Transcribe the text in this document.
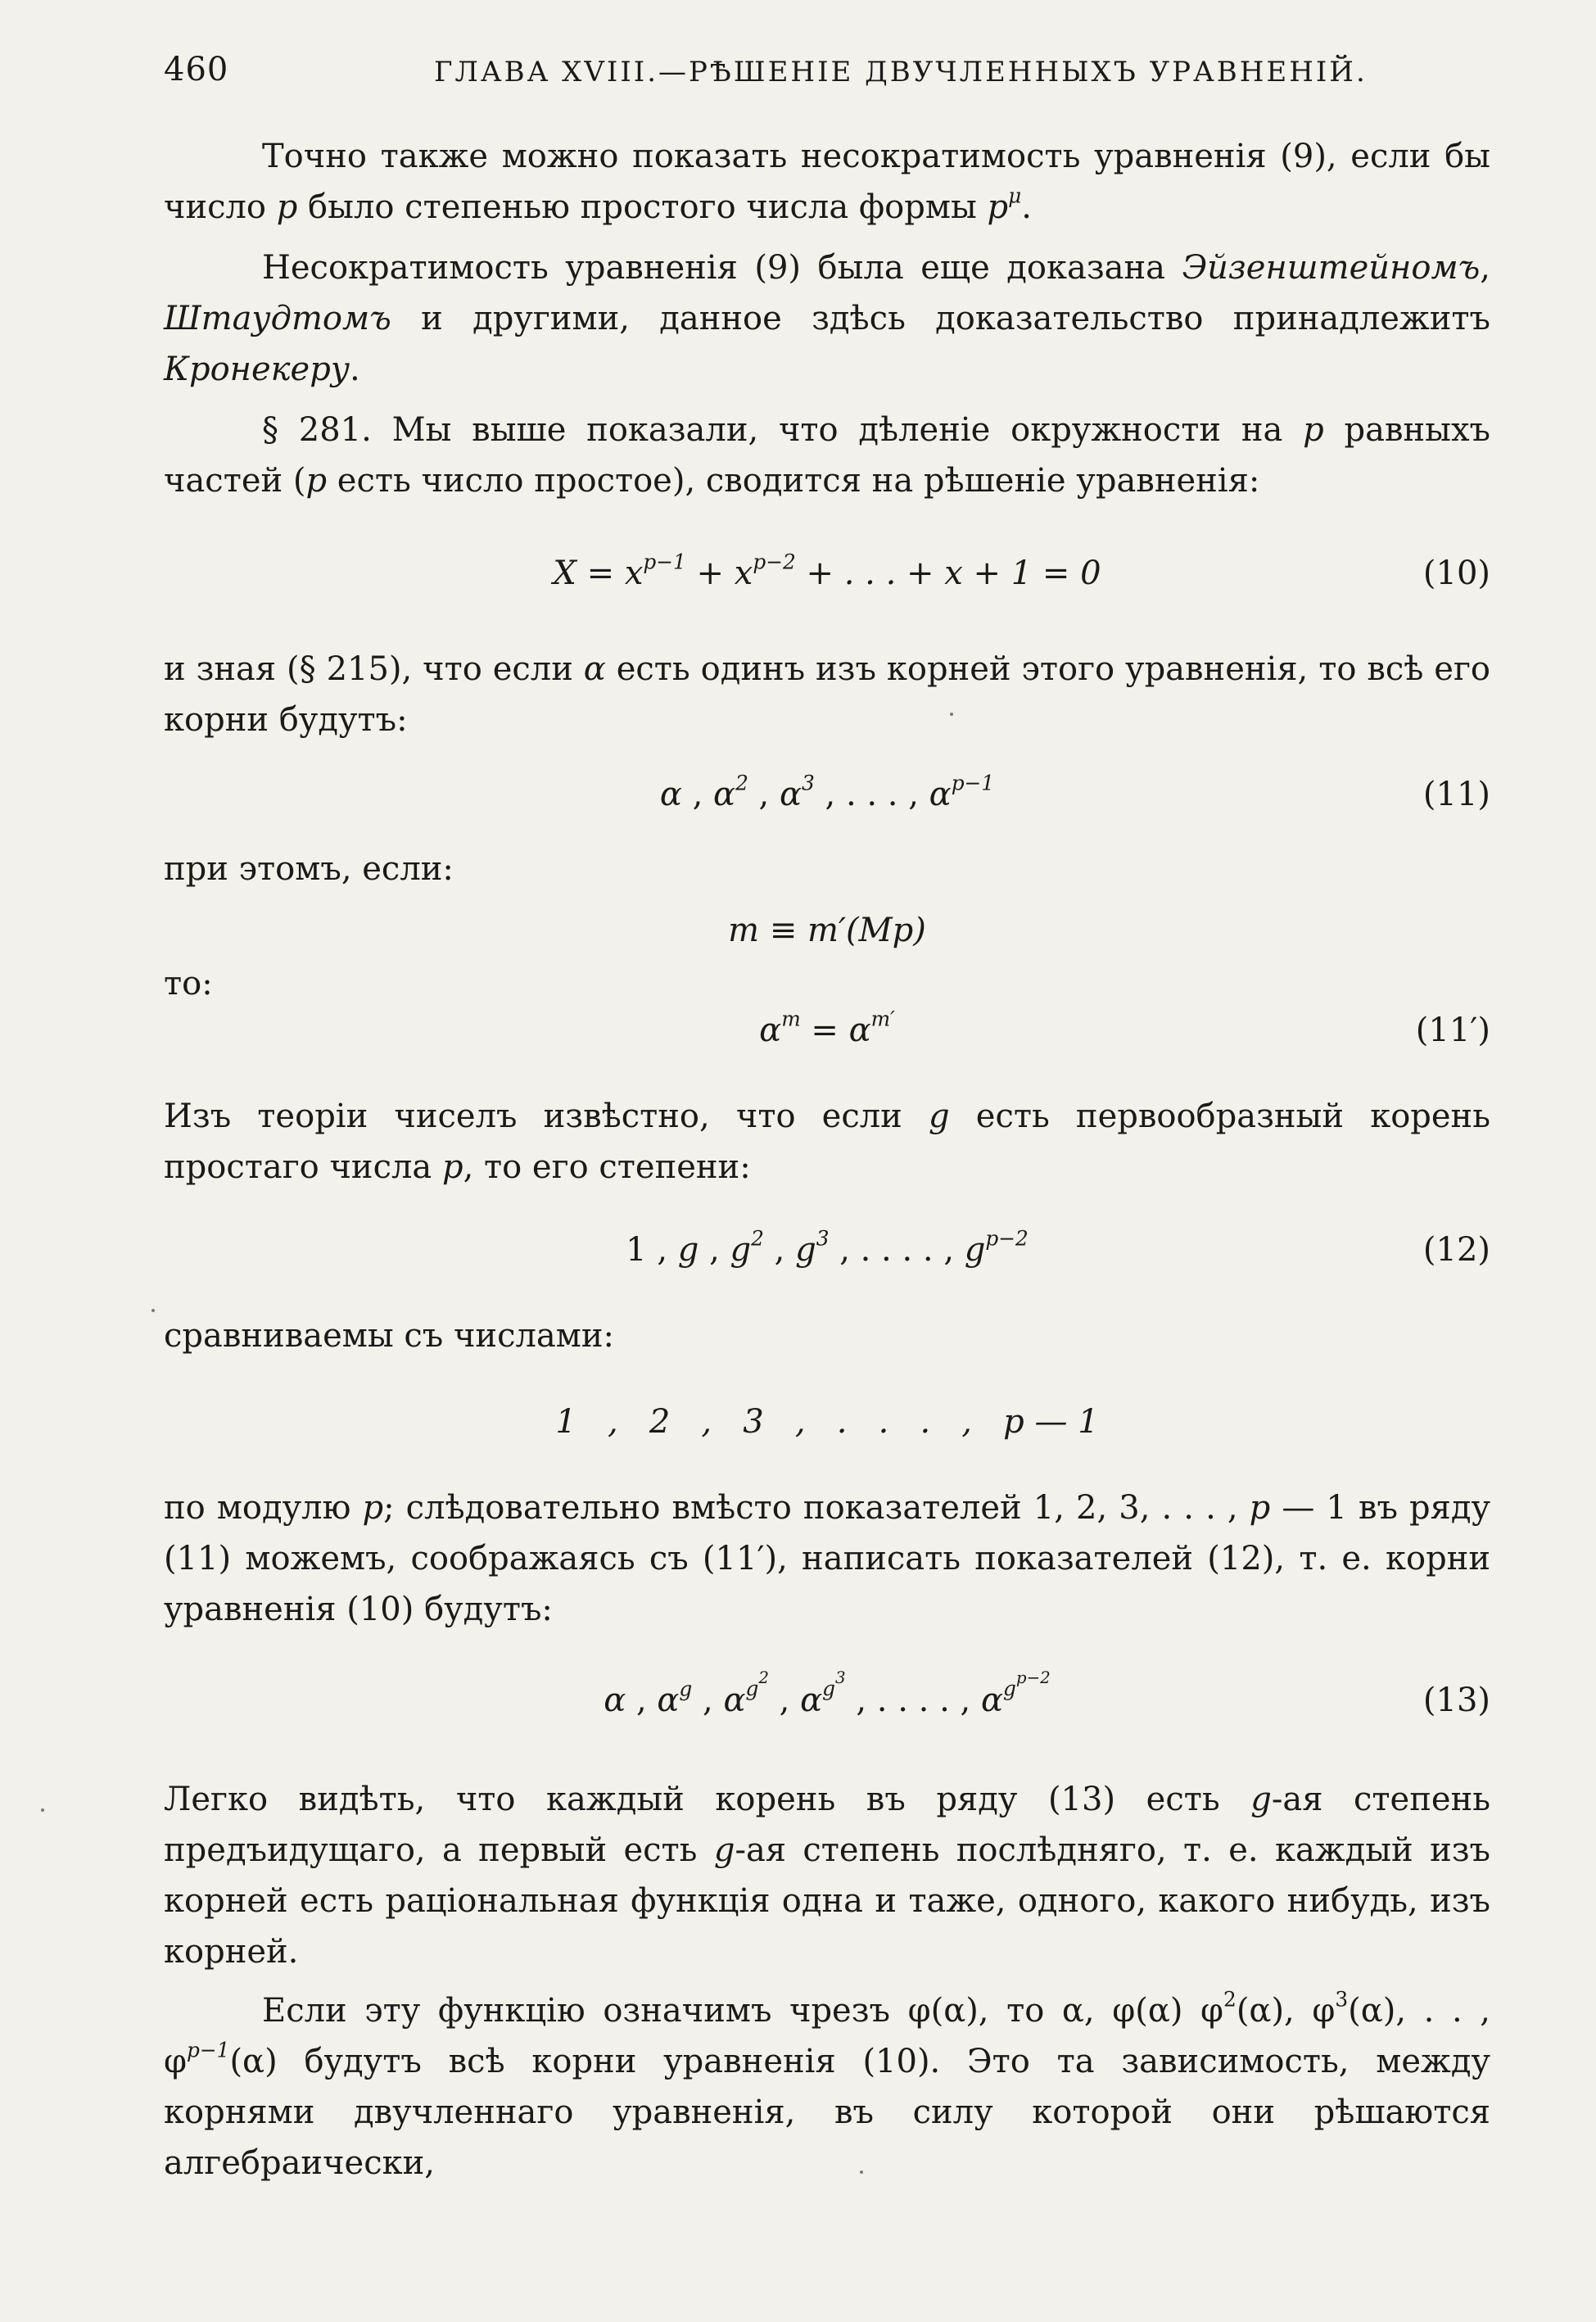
460	ГЛАВА XVIII.—РѢШЕНІЕ ДВУЧЛЕННЫХЪ УРАВНЕНІЙ.
Точно также можно показать несократимость уравненія (9), если бы число p было степенью простого числа формы $p^\mu$.
Несократимость уравненія (9) была еще доказана Эйзенштейномъ, Штаудтомъ и другими, данное здѣсь доказательство принадлежитъ Кронекеру.
§ 281. Мы выше показали, что дѣленіе окружности на p равныхъ частей (p есть число простое), сводится на рѣшеніе уравненія:
$X = x^{p-1} + x^{p-2}$ + . . . + x + 1 = 0	(10)
и зная (§ 215), что если α есть одинъ изъ корней этого уравненія, то всѣ его корни будутъ:
α , $\alpha^2$ , $\alpha^3$ , . . . , $\alpha^{p-1}$	(11)
при этомъ, если:
m ≡ m′(Mp)
то:
$\alpha^m = \alpha^{m'}$	(11′)
Изъ теоріи чиселъ извѣстно, что если g есть первообразный корень простаго числа p, то его степени:
1 , g , $g^2$ , $g^3$ , . . . . , $g^{p-2}$	(12)
сравниваемы съ числами:
1   ,   2   ,   3   ,   .   .   .   ,   p — 1
по модулю p; слѣдовательно вмѣсто показателей 1, 2, 3, . . . , p — 1 въ ряду (11) можемъ, соображаясь съ (11′), написать показателей (12), т. е. корни уравненія (10) будутъ:
α , $\alpha^g$ , $\alpha^{g^2}$ , $\alpha^{g^3}$ , . . . . , $\alpha^{g^{p-2}}$
(13)
Легко видѣть, что каждый корень въ ряду (13) есть g-ая степень предъидущаго, а первый есть g-ая степень послѣдняго, т. е. каждый изъ корней есть раціональная функція одна и таже, одного, какого нибудь, изъ корней.
Если эту функцію означимъ чрезъ φ(α), то α, φ(α) $\varphi^2(\alpha)$, $\varphi^3(\alpha)$, . . , $\varphi^{p-1}(\alpha)$ будутъ всѣ корни уравненія (10). Это та зависимость, между корнями двучленнаго уравненія, въ силу которой они рѣшаются алгебраически,
